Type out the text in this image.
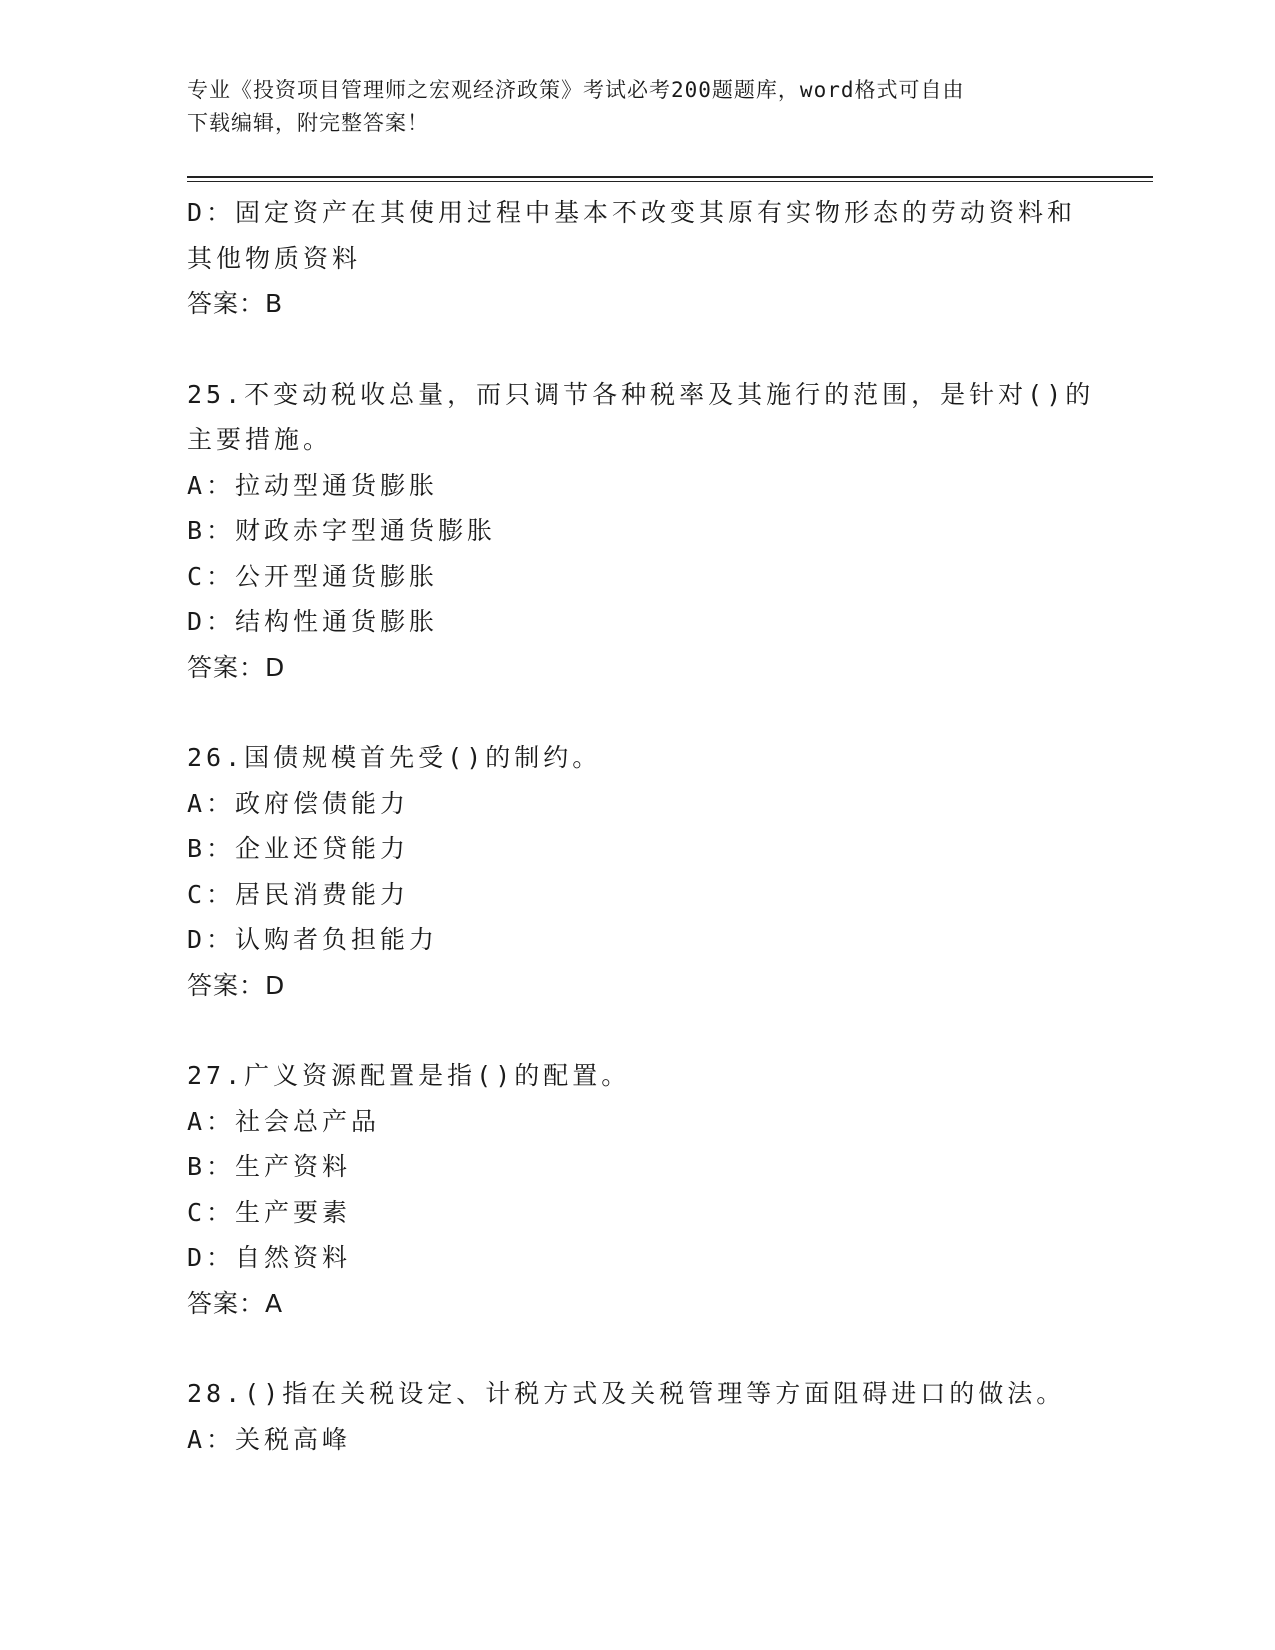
专业《投资项目管理师之宏观经济政策》考试必考200题题库，word格式可自由
下载编辑，附完整答案！
D：固定资产在其使用过程中基本不改变其原有实物形态的劳动资料和
其他物质资料
答案：B
25.不变动税收总量，而只调节各种税率及其施行的范围，是针对()的
主要措施。
A：拉动型通货膨胀
B：财政赤字型通货膨胀
C：公开型通货膨胀
D：结构性通货膨胀
答案：D
26.国债规模首先受()的制约。
A：政府偿债能力
B：企业还贷能力
C：居民消费能力
D：认购者负担能力
答案：D
27.广义资源配置是指()的配置。
A：社会总产品
B：生产资料
C：生产要素
D：自然资料
答案：A
28.()指在关税设定、计税方式及关税管理等方面阻碍进口的做法。
A：关税高峰
